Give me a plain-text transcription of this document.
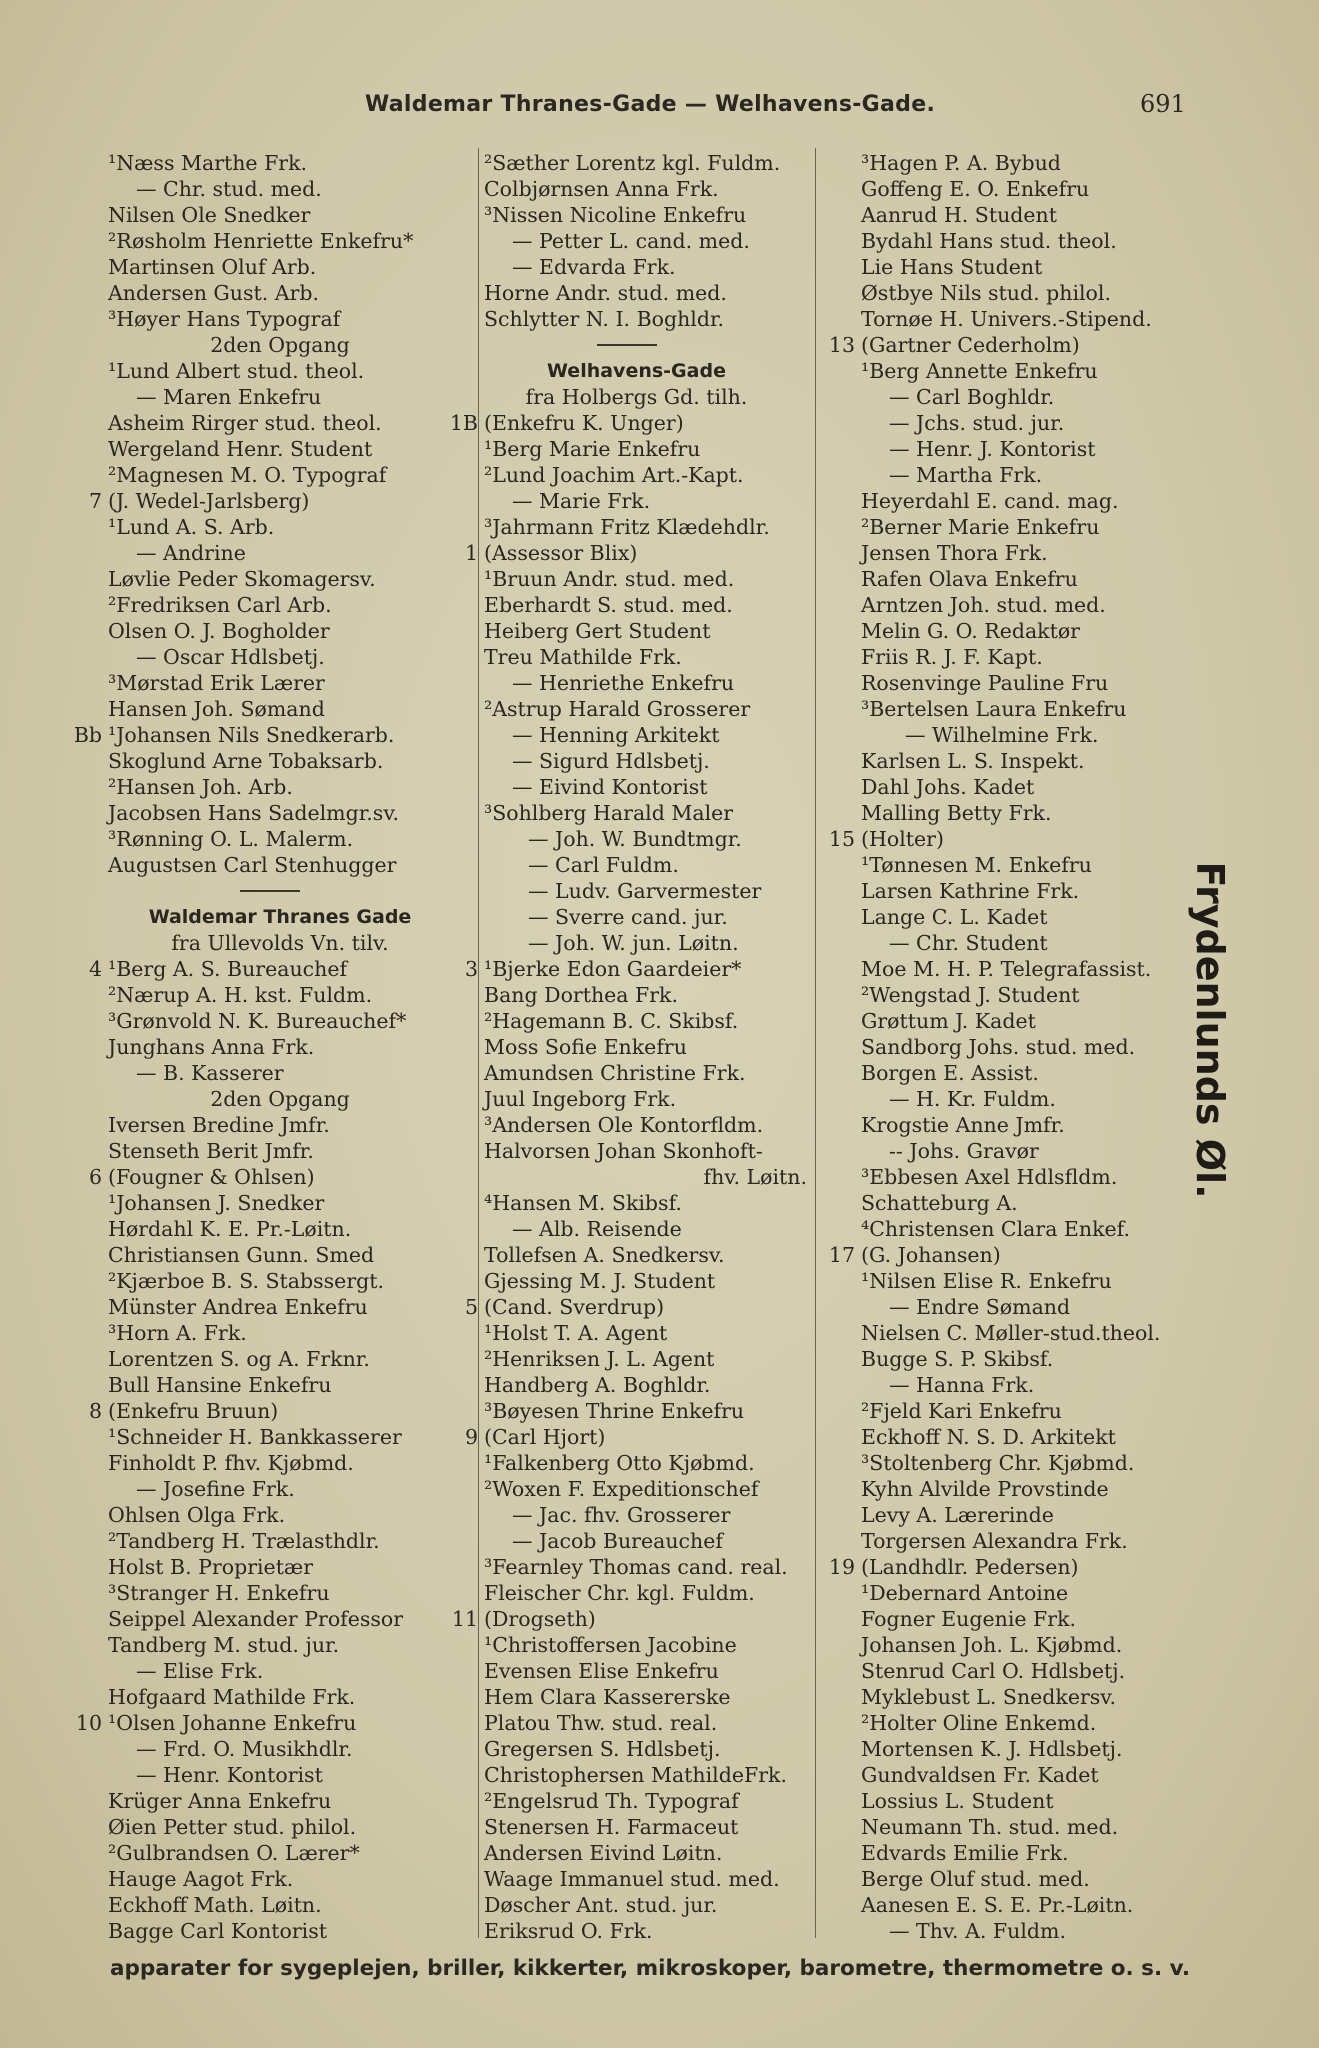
Waldemar Thranes-Gade — Welhavens-Gade.	691
¹Næss Marthe Frk.
— Chr. stud. med.
Nilsen Ole Snedker
²Røsholm Henriette Enkefru*
Martinsen Oluf Arb.
Andersen Gust. Arb.
³Høyer Hans Typograf
2den Opgang
¹Lund Albert stud. theol.
— Maren Enkefru
Asheim Rirger stud. theol.
Wergeland Henr. Student
²Magnesen M. O. Typograf
7 (J. Wedel-Jarlsberg)
¹Lund A. S. Arb.
— Andrine
Løvlie Peder Skomagersv.
²Fredriksen Carl Arb.
Olsen O. J. Bogholder
— Oscar Hdlsbetj.
³Mørstad Erik Lærer
Hansen Joh. Sømand
Bb ¹Johansen Nils Snedkerarb.
Skoglund Arne Tobaksarb.
²Hansen Joh. Arb.
Jacobsen Hans Sadelmgr.sv.
³Rønning O. L. Malerm.
Augustsen Carl Stenhugger
Waldemar Thranes Gade
fra Ullevolds Vn. tilv.
4 ¹Berg A. S. Bureauchef
²Nærup A. H. kst. Fuldm.
³Grønvold N. K. Bureauchef*
Junghans Anna Frk.
— B. Kasserer
2den Opgang
Iversen Bredine Jmfr.
Stenseth Berit Jmfr.
6 (Fougner & Ohlsen)
¹Johansen J. Snedker
Hørdahl K. E. Pr.-Løitn.
Christiansen Gunn. Smed
²Kjærboe B. S. Stabssergt.
Münster Andrea Enkefru
³Horn A. Frk.
Lorentzen S. og A. Frknr.
Bull Hansine Enkefru
8 (Enkefru Bruun)
¹Schneider H. Bankkasserer
Finholdt P. fhv. Kjøbmd.
— Josefine Frk.
Ohlsen Olga Frk.
²Tandberg H. Trælasthdlr.
Holst B. Proprietær
³Stranger H. Enkefru
Seippel Alexander Professor
Tandberg M. stud. jur.
— Elise Frk.
Hofgaard Mathilde Frk.
10 ¹Olsen Johanne Enkefru
— Frd. O. Musikhdlr.
— Henr. Kontorist
Krüger Anna Enkefru
Øien Petter stud. philol.
²Gulbrandsen O. Lærer*
Hauge Aagot Frk.
Eckhoff Math. Løitn.
Bagge Carl Kontorist
²Sæther Lorentz kgl. Fuldm.
Colbjørnsen Anna Frk.
³Nissen Nicoline Enkefru
— Petter L. cand. med.
— Edvarda Frk.
Horne Andr. stud. med.
Schlytter N. I. Boghldr.
Welhavens-Gade
fra Holbergs Gd. tilh.
1B (Enkefru K. Unger)
¹Berg Marie Enkefru
²Lund Joachim Art.-Kapt.
— Marie Frk.
³Jahrmann Fritz Klædehdlr.
1 (Assessor Blix)
¹Bruun Andr. stud. med.
Eberhardt S. stud. med.
Heiberg Gert Student
Treu Mathilde Frk.
— Henriethe Enkefru
²Astrup Harald Grosserer
— Henning Arkitekt
— Sigurd Hdlsbetj.
— Eivind Kontorist
³Sohlberg Harald Maler
— Joh. W. Bundtmgr.
— Carl Fuldm.
— Ludv. Garvermester
— Sverre cand. jur.
— Joh. W. jun. Løitn.
3 ¹Bjerke Edon Gaardeier*
Bang Dorthea Frk.
²Hagemann B. C. Skibsf.
Moss Sofie Enkefru
Amundsen Christine Frk.
Juul Ingeborg Frk.
³Andersen Ole Kontorfldm.
Halvorsen Johan Skonhoft-
fhv. Løitn.
⁴Hansen M. Skibsf.
— Alb. Reisende
Tollefsen A. Snedkersv.
Gjessing M. J. Student
5 (Cand. Sverdrup)
¹Holst T. A. Agent
²Henriksen J. L. Agent
Handberg A. Boghldr.
³Bøyesen Thrine Enkefru
9 (Carl Hjort)
¹Falkenberg Otto Kjøbmd.
²Woxen F. Expeditionschef
— Jac. fhv. Grosserer
— Jacob Bureauchef
³Fearnley Thomas cand. real.
Fleischer Chr. kgl. Fuldm.
11 (Drogseth)
¹Christoffersen Jacobine
Evensen Elise Enkefru
Hem Clara Kassererske
Platou Thw. stud. real.
Gregersen S. Hdlsbetj.
Christophersen MathildeFrk.
²Engelsrud Th. Typograf
Stenersen H. Farmaceut
Andersen Eivind Løitn.
Waage Immanuel stud. med.
Døscher Ant. stud. jur.
Eriksrud O. Frk.
³Hagen P. A. Bybud
Goffeng E. O. Enkefru
Aanrud H. Student
Bydahl Hans stud. theol.
Lie Hans Student
Østbye Nils stud. philol.
Tornøe H. Univers.-Stipend.
13 (Gartner Cederholm)
¹Berg Annette Enkefru
— Carl Boghldr.
— Jchs. stud. jur.
— Henr. J. Kontorist
— Martha Frk.
Heyerdahl E. cand. mag.
²Berner Marie Enkefru
Jensen Thora Frk.
Rafen Olava Enkefru
Arntzen Joh. stud. med.
Melin G. O. Redaktør
Friis R. J. F. Kapt.
Rosenvinge Pauline Fru
³Bertelsen Laura Enkefru
— Wilhelmine Frk.
Karlsen L. S. Inspekt.
Dahl Johs. Kadet
Malling Betty Frk.
15 (Holter)
¹Tønnesen M. Enkefru
Larsen Kathrine Frk.
Lange C. L. Kadet
— Chr. Student
Moe M. H. P. Telegrafassist.
²Wengstad J. Student
Grøttum J. Kadet
Sandborg Johs. stud. med.
Borgen E. Assist.
— H. Kr. Fuldm.
Krogstie Anne Jmfr.
-- Johs. Gravør
³Ebbesen Axel Hdlsfldm.
Schatteburg A.
⁴Christensen Clara Enkef.
17 (G. Johansen)
¹Nilsen Elise R. Enkefru
— Endre Sømand
Nielsen C. Møller-stud.theol.
Bugge S. P. Skibsf.
— Hanna Frk.
²Fjeld Kari Enkefru
Eckhoff N. S. D. Arkitekt
³Stoltenberg Chr. Kjøbmd.
Kyhn Alvilde Provstinde
Levy A. Lærerinde
Torgersen Alexandra Frk.
19 (Landhdlr. Pedersen)
¹Debernard Antoine
Fogner Eugenie Frk.
Johansen Joh. L. Kjøbmd.
Stenrud Carl O. Hdlsbetj.
Myklebust L. Snedkersv.
²Holter Oline Enkemd.
Mortensen K. J. Hdlsbetj.
Gundvaldsen Fr. Kadet
Lossius L. Student
Neumann Th. stud. med.
Edvards Emilie Frk.
Berge Oluf stud. med.
Aanesen E. S. E. Pr.-Løitn.
— Thv. A. Fuldm.
Frydenlunds Øl.
apparater for sygeplejen, briller, kikkerter, mikroskoper, barometre, thermometre o. s. v.
